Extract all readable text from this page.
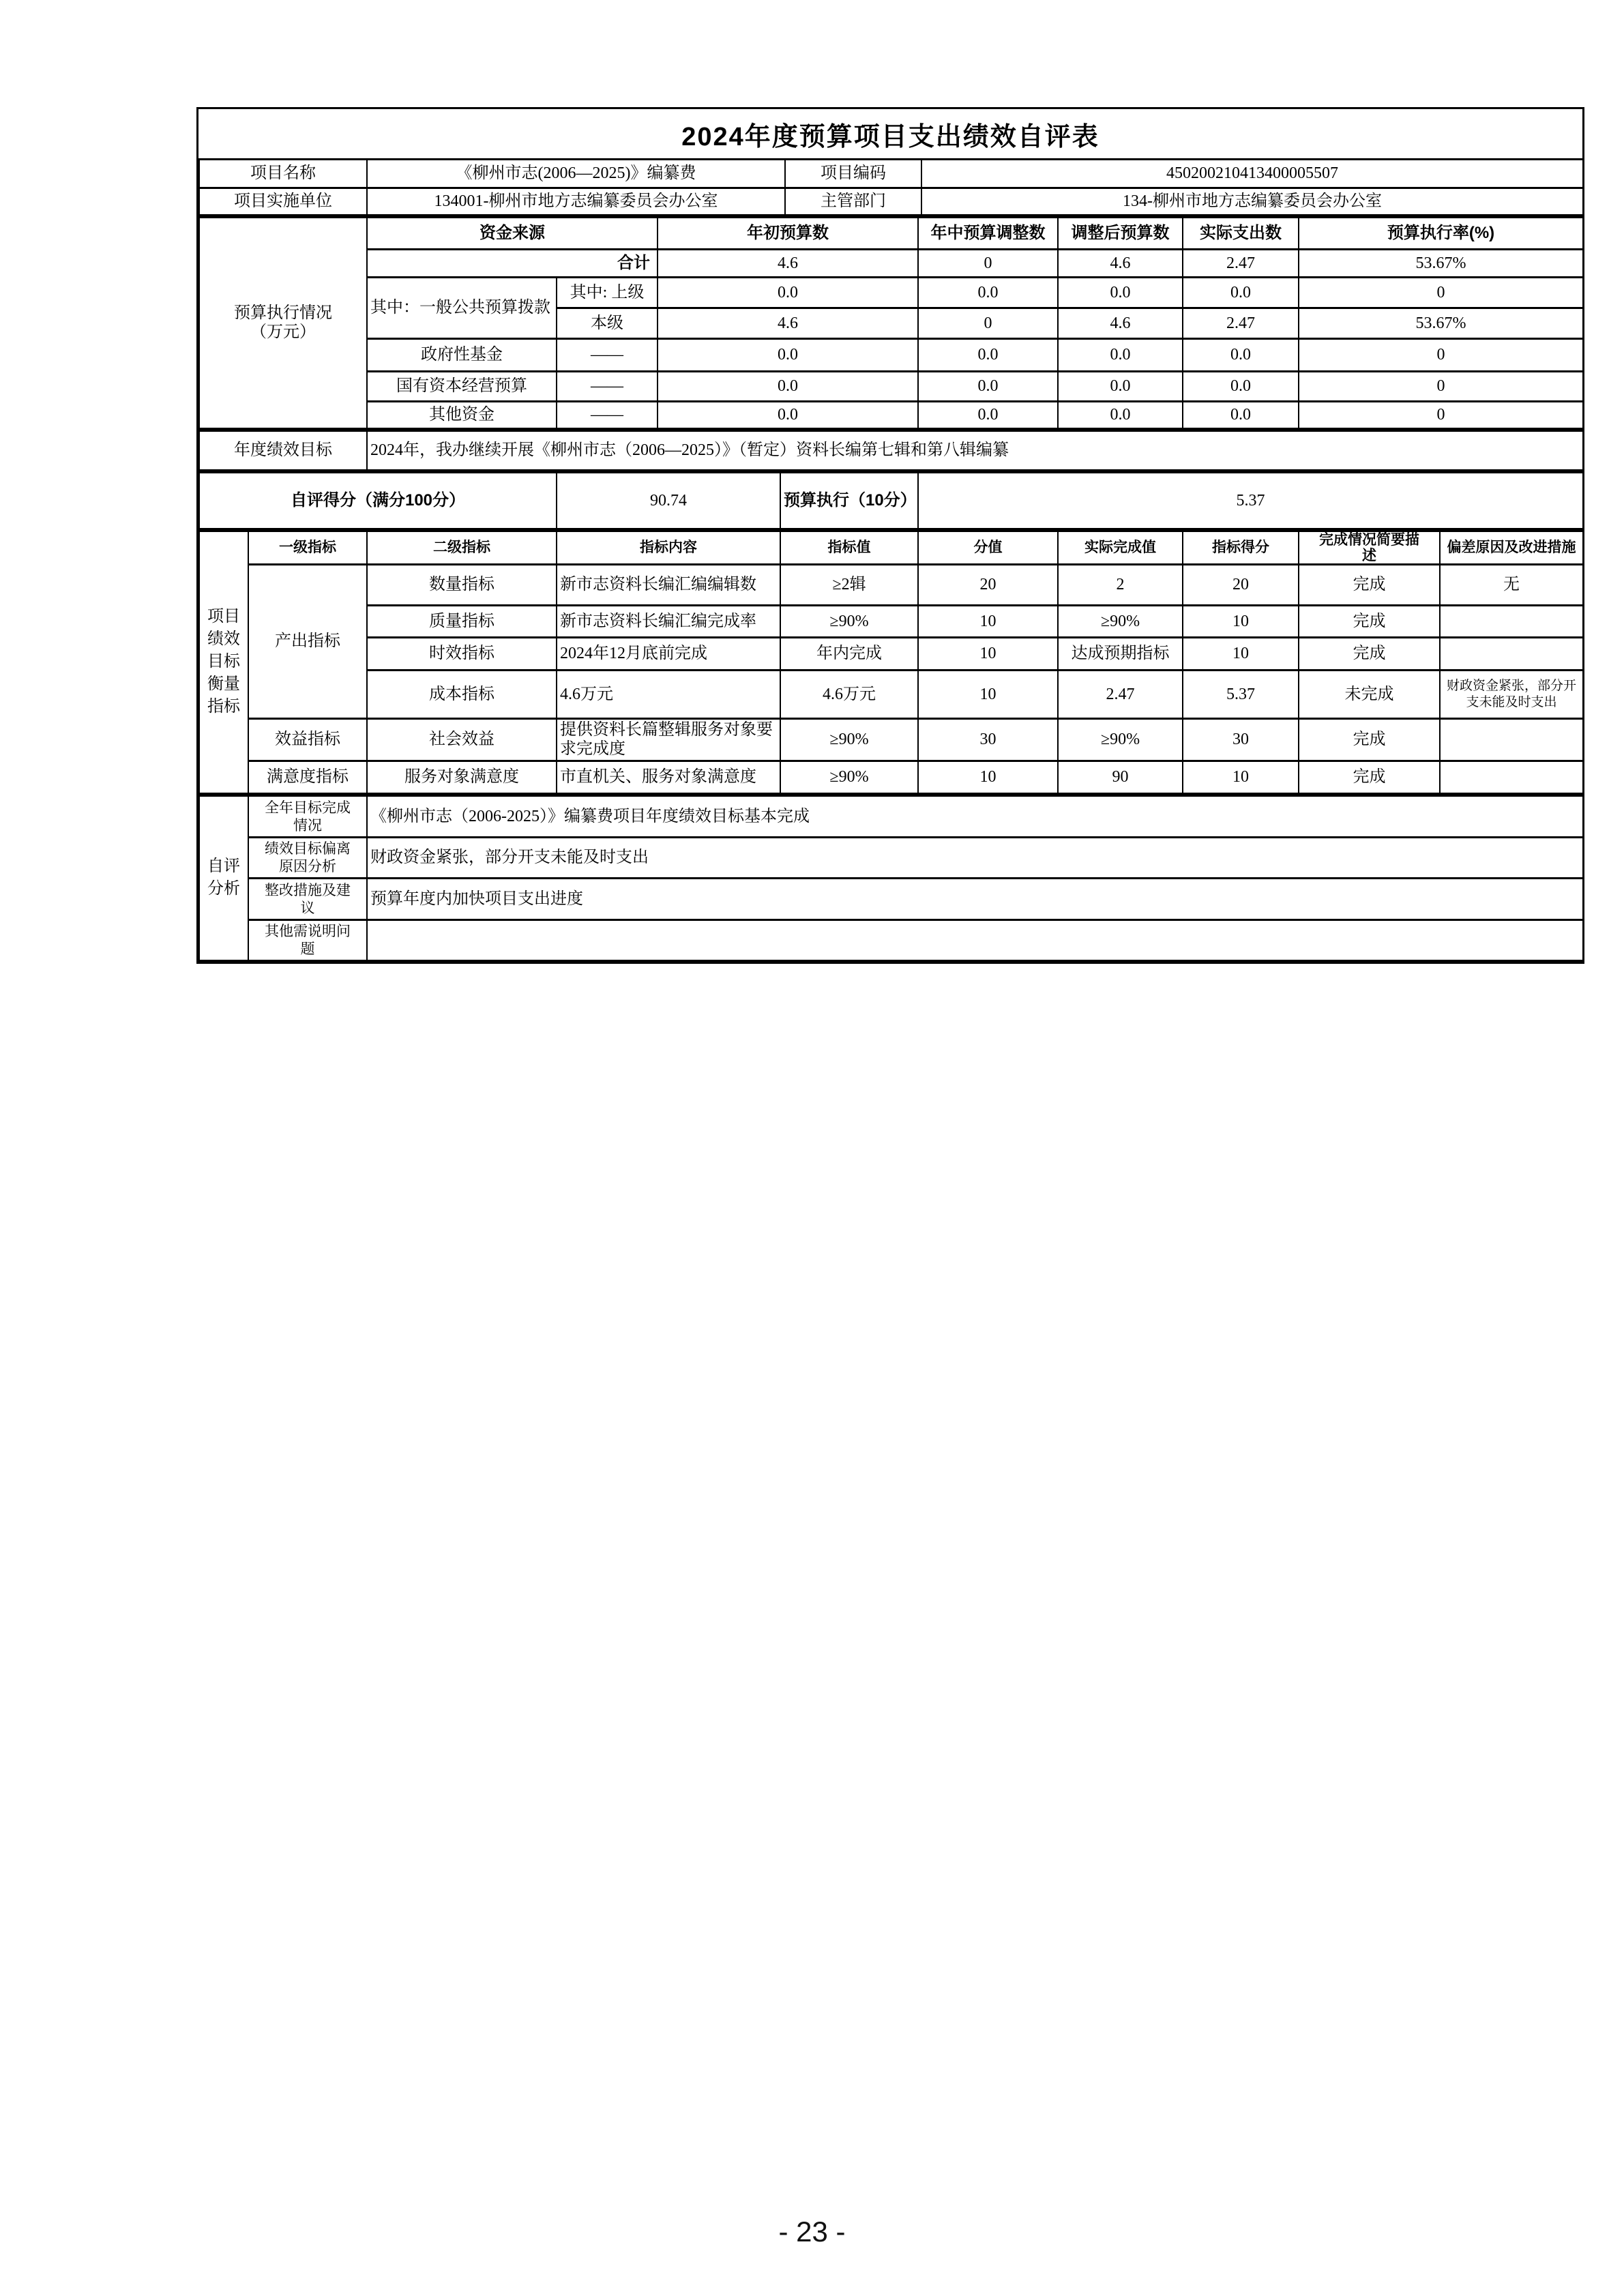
2024年度预算项目支出绩效自评表
项目名称	《柳州市志(2006—2025)》编纂费	项目编码	450200210413400005507
项目实施单位	134001-柳州市地方志编纂委员会办公室	主管部门	134-柳州市地方志编纂委员会办公室
预算执行情况（万元）	资金来源		年初预算数	年中预算调整数	调整后预算数	实际支出数	预算执行率(%)
	合计		4.6	0	4.6	2.47	53.67%
	其中：一般公共预算拨款	其中: 上级	0.0	0.0	0.0	0.0	0
		本级	4.6	0	4.6	2.47	53.67%
	政府性基金	——	0.0	0.0	0.0	0.0	0
	国有资本经营预算	——	0.0	0.0	0.0	0.0	0
	其他资金	——	0.0	0.0	0.0	0.0	0
年度绩效目标	2024年，我办继续开展《柳州市志（2006—2025）》（暂定）资料长编第七辑和第八辑编纂
自评得分（满分100分）	90.74	预算执行（10分）	5.37
项目绩效目标衡量指标	一级指标	二级指标	指标内容	指标值	分值	实际完成值	指标得分	完成情况简要描述	偏差原因及改进措施
	产出指标	数量指标	新市志资料长编汇编编辑数	≥2辑	20	2	20	完成	无
		质量指标	新市志资料长编汇编完成率	≥90%	10	≥90%	10	完成	
		时效指标	2024年12月底前完成	年内完成	10	达成预期指标	10	完成	
		成本指标	4.6万元	4.6万元	10	2.47	5.37	未完成	财政资金紧张，部分开支未能及时支出
	效益指标	社会效益	提供资料长篇整辑服务对象要求完成度	≥90%	30	≥90%	30	完成	
	满意度指标	服务对象满意度	市直机关、服务对象满意度	≥90%	10	90	10	完成	
自评分析	全年目标完成情况	《柳州市志（2006-2025）》编纂费项目年度绩效目标基本完成

	绩效目标偏离原因分析	财政资金紧张，部分开支未能及时支出

	整改措施及建议	预算年度内加快项目支出进度

	其他需说明问题	

- 23 -
